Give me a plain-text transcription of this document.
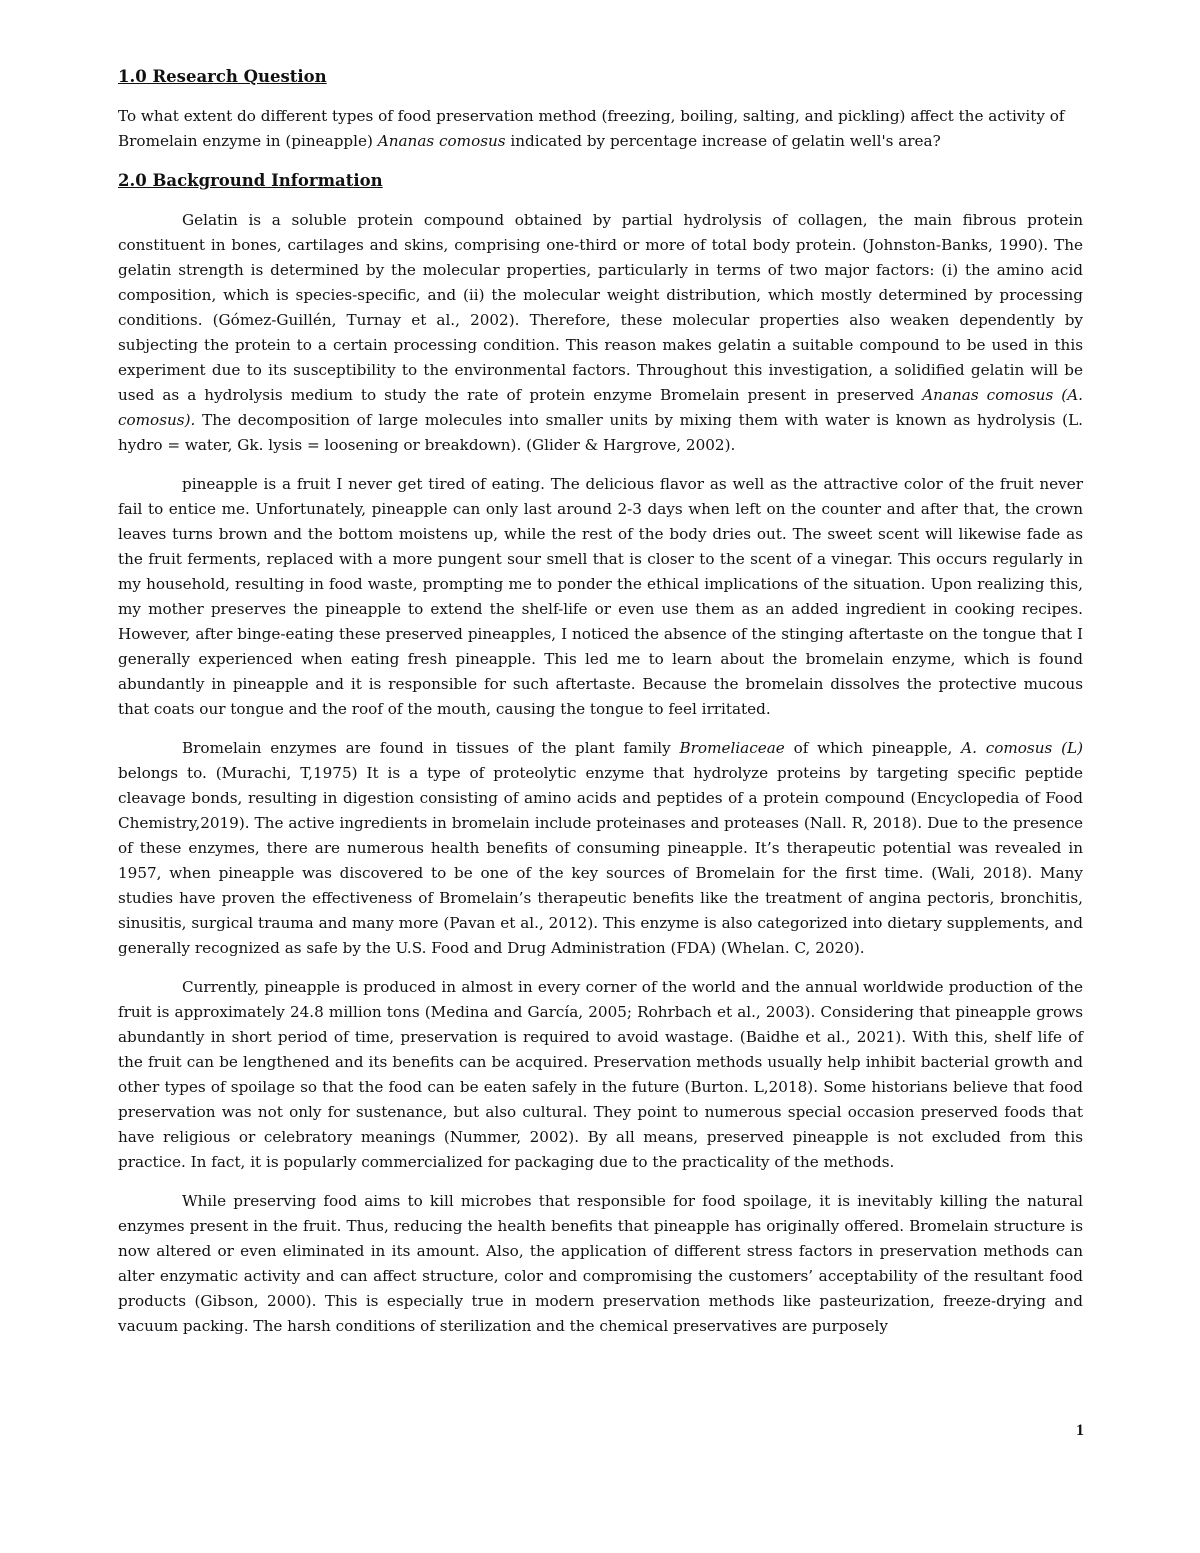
1.0 Research Question

To what extent do different types of food preservation method (freezing, boiling, salting, and pickling) affect the activity of Bromelain enzyme in (pineapple) Ananas comosus indicated by percentage increase of gelatin well's area?

2.0 Background Information

Gelatin is a soluble protein compound obtained by partial hydrolysis of collagen, the main fibrous protein constituent in bones, cartilages and skins, comprising one-third or more of total body protein. (Johnston-Banks, 1990). The gelatin strength is determined by the molecular properties, particularly in terms of two major factors: (i) the amino acid composition, which is species-specific, and (ii) the molecular weight distribution, which mostly determined by processing conditions. (Gómez-Guillén, Turnay et al., 2002). Therefore, these molecular properties also weaken dependently by subjecting the protein to a certain processing condition. This reason makes gelatin a suitable compound to be used in this experiment due to its susceptibility to the environmental factors. Throughout this investigation, a solidified gelatin will be used as a hydrolysis medium to study the rate of protein enzyme Bromelain present in preserved Ananas comosus (A. comosus). The decomposition of large molecules into smaller units by mixing them with water is known as hydrolysis (L. hydro = water, Gk. lysis = loosening or breakdown). (Glider & Hargrove, 2002).

pineapple is a fruit I never get tired of eating. The delicious flavor as well as the attractive color of the fruit never fail to entice me. Unfortunately, pineapple can only last around 2-3 days when left on the counter and after that, the crown leaves turns brown and the bottom moistens up, while the rest of the body dries out. The sweet scent will likewise fade as the fruit ferments, replaced with a more pungent sour smell that is closer to the scent of a vinegar. This occurs regularly in my household, resulting in food waste, prompting me to ponder the ethical implications of the situation. Upon realizing this, my mother preserves the pineapple to extend the shelf-life or even use them as an added ingredient in cooking recipes. However, after binge-eating these preserved pineapples, I noticed the absence of the stinging aftertaste on the tongue that I generally experienced when eating fresh pineapple. This led me to learn about the bromelain enzyme, which is found abundantly in pineapple and it is responsible for such aftertaste. Because the bromelain dissolves the protective mucous that coats our tongue and the roof of the mouth, causing the tongue to feel irritated.

Bromelain enzymes are found in tissues of the plant family Bromeliaceae of which pineapple, A. comosus (L) belongs to. (Murachi, T,1975) It is a type of proteolytic enzyme that hydrolyze proteins by targeting specific peptide cleavage bonds, resulting in digestion consisting of amino acids and peptides of a protein compound (Encyclopedia of Food Chemistry,2019). The active ingredients in bromelain include proteinases and proteases (Nall. R, 2018). Due to the presence of these enzymes, there are numerous health benefits of consuming pineapple. It’s therapeutic potential was revealed in 1957, when pineapple was discovered to be one of the key sources of Bromelain for the first time. (Wali, 2018). Many studies have proven the effectiveness of Bromelain’s therapeutic benefits like the treatment of angina pectoris, bronchitis, sinusitis, surgical trauma and many more (Pavan et al., 2012). This enzyme is also categorized into dietary supplements, and generally recognized as safe by the U.S. Food and Drug Administration (FDA) (Whelan. C, 2020).

Currently, pineapple is produced in almost in every corner of the world and the annual worldwide production of the fruit is approximately 24.8 million tons (Medina and García, 2005; Rohrbach et al., 2003). Considering that pineapple grows abundantly in short period of time, preservation is required to avoid wastage. (Baidhe et al., 2021). With this, shelf life of the fruit can be lengthened and its benefits can be acquired. Preservation methods usually help inhibit bacterial growth and other types of spoilage so that the food can be eaten safely in the future (Burton. L,2018). Some historians believe that food preservation was not only for sustenance, but also cultural. They point to numerous special occasion preserved foods that have religious or celebratory meanings (Nummer, 2002). By all means, preserved pineapple is not excluded from this practice. In fact, it is popularly commercialized for packaging due to the practicality of the methods.

While preserving food aims to kill microbes that responsible for food spoilage, it is inevitably killing the natural enzymes present in the fruit. Thus, reducing the health benefits that pineapple has originally offered. Bromelain structure is now altered or even eliminated in its amount. Also, the application of different stress factors in preservation methods can alter enzymatic activity and can affect structure, color and compromising the customers’ acceptability of the resultant food products (Gibson, 2000). This is especially true in modern preservation methods like pasteurization, freeze-drying and vacuum packing. The harsh conditions of sterilization and the chemical preservatives are purposely

1
